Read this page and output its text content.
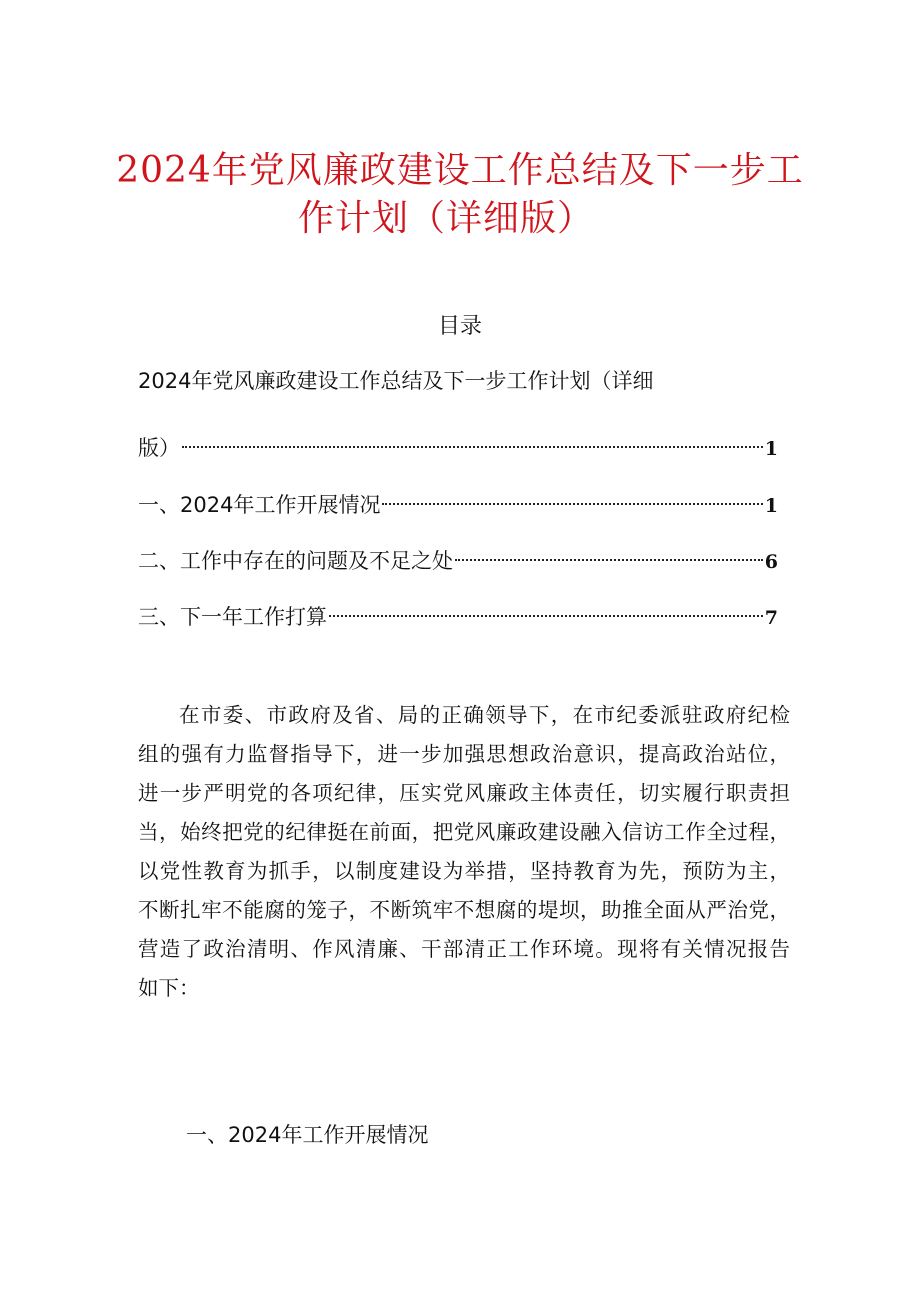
2024年党风廉政建设工作总结及下一步工
作计划（详细版）
目录
2024年党风廉政建设工作总结及下一步工作计划（详细
版）	1
一、2024年工作开展情况	1
二、工作中存在的问题及不足之处	6
三、下一年工作打算	7
在市委、市政府及省、局的正确领导下，在市纪委派驻政府纪检
组的强有力监督指导下，进一步加强思想政治意识，提高政治站位，
进一步严明党的各项纪律，压实党风廉政主体责任，切实履行职责担
当，始终把党的纪律挺在前面，把党风廉政建设融入信访工作全过程，
以党性教育为抓手，以制度建设为举措，坚持教育为先，预防为主，
不断扎牢不能腐的笼子，不断筑牢不想腐的堤坝，助推全面从严治党，
营造了政治清明、作风清廉、干部清正工作环境。现将有关情况报告
如下：
一、2024年工作开展情况
